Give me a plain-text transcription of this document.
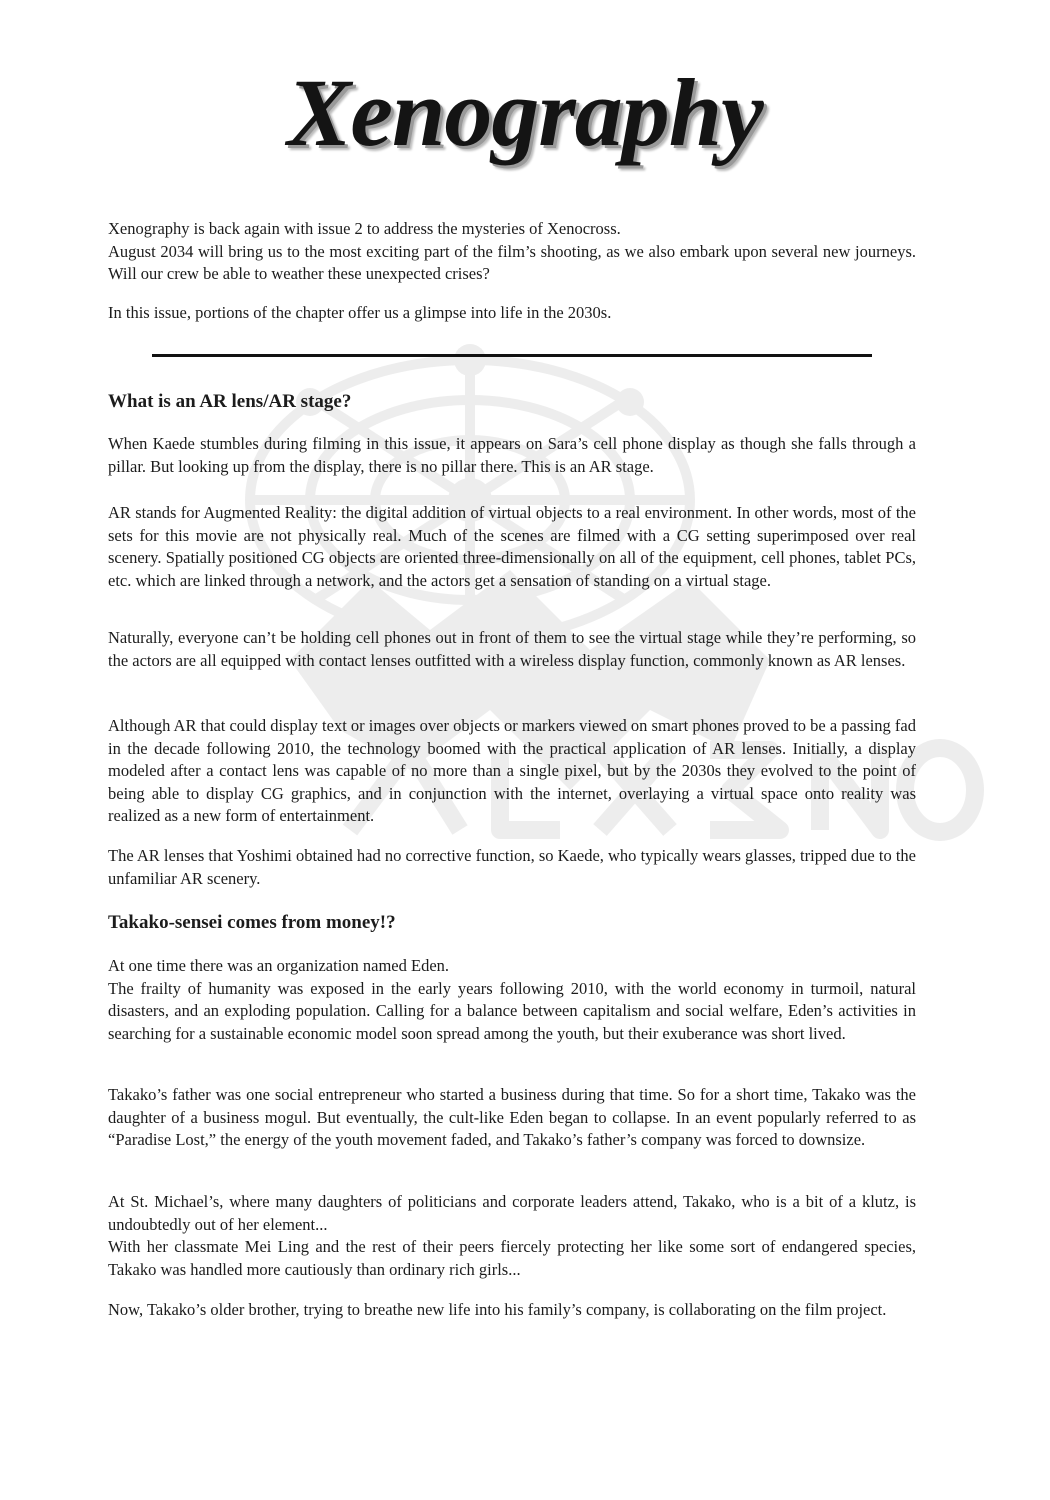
Xenography

Xenography is back again with issue 2 to address the mysteries of Xenocross.

August 2034 will bring us to the most exciting part of the film’s shooting, as we also embark upon several new journeys. Will our crew be able to weather these unexpected crises?

In this issue, portions of the chapter offer us a glimpse into life in the 2030s.

What is an AR lens/AR stage?

When Kaede stumbles during filming in this issue, it appears on Sara’s cell phone display as though she falls through a pillar. But looking up from the display, there is no pillar there. This is an AR stage.

AR stands for Augmented Reality: the digital addition of virtual objects to a real environment. In other words, most of the sets for this movie are not physically real. Much of the scenes are filmed with a CG setting superimposed over real scenery. Spatially positioned CG objects are oriented three-dimensionally on all of the equipment, cell phones, tablet PCs, etc. which are linked through a network, and the actors get a sensation of standing on a virtual stage.

Naturally, everyone can’t be holding cell phones out in front of them to see the virtual stage while they’re performing, so the actors are all equipped with contact lenses outfitted with a wireless display function, commonly known as AR lenses.

Although AR that could display text or images over objects or markers viewed on smart phones proved to be a passing fad in the decade following 2010, the technology boomed with the practical application of AR lenses. Initially, a display modeled after a contact lens was capable of no more than a single pixel, but by the 2030s they evolved to the point of being able to display CG graphics, and in conjunction with the internet, overlaying a virtual space onto reality was realized as a new form of entertainment.

The AR lenses that Yoshimi obtained had no corrective function, so Kaede, who typically wears glasses, tripped due to the unfamiliar AR scenery.

Takako-sensei comes from money!?

At one time there was an organization named Eden.

The frailty of humanity was exposed in the early years following 2010, with the world economy in turmoil, natural disasters, and an exploding population. Calling for a balance between capitalism and social welfare, Eden’s activities in searching for a sustainable economic model soon spread among the youth, but their exuberance was short lived.

Takako’s father was one social entrepreneur who started a business during that time. So for a short time, Takako was the daughter of a business mogul. But eventually, the cult-like Eden began to collapse. In an event popularly referred to as “Paradise Lost,” the energy of the youth movement faded, and Takako’s father’s company was forced to downsize.

At St. Michael’s, where many daughters of politicians and corporate leaders attend, Takako, who is a bit of a klutz, is undoubtedly out of her element...

With her classmate Mei Ling and the rest of their peers fiercely protecting her like some sort of endangered species, Takako was handled more cautiously than ordinary rich girls...

Now, Takako’s older brother, trying to breathe new life into his family’s company, is collaborating on the film project.
